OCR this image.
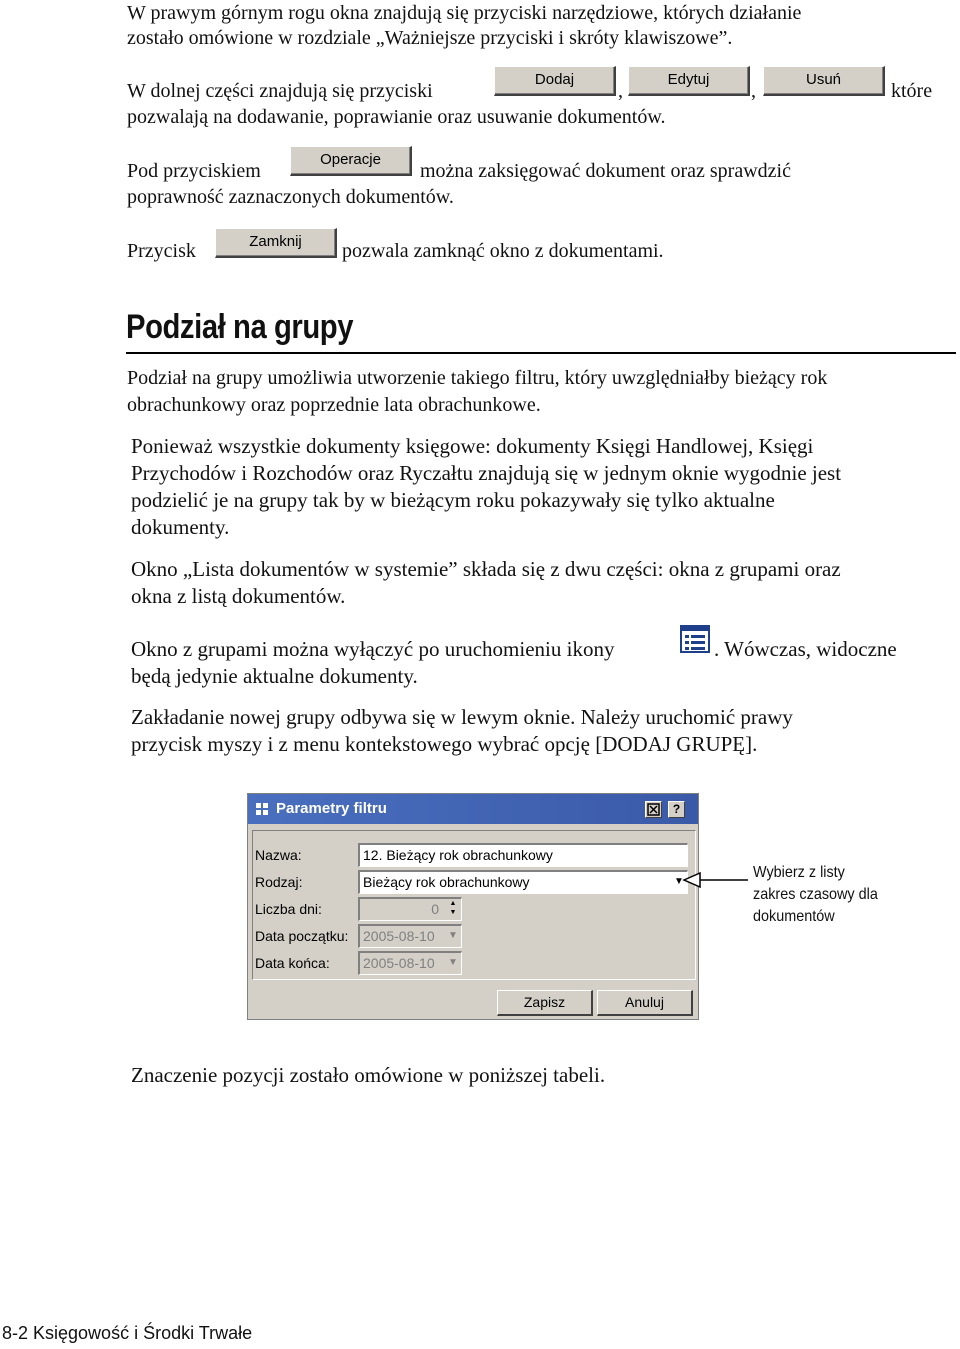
W prawym górnym rogu okna znajdują się przyciski narzędziowe, których działanie
zostało omówione w rozdziale „Ważniejsze przyciski i skróty klawiszowe”.
W dolnej części znajdują się przyciski
Dodaj
,
Edytuj
,
Usuń
które
pozwalają na dodawanie, poprawianie oraz usuwanie dokumentów.
Pod przyciskiem
Operacje
można zaksięgować dokument oraz sprawdzić
poprawność zaznaczonych dokumentów.
Przycisk	Zamknij	pozwala zamknąć okno z dokumentami.
Podział na grupy
Podział na grupy umożliwia utworzenie takiego filtru, który uwzględniałby bieżący rok
obrachunkowy oraz poprzednie lata obrachunkowe.
Ponieważ wszystkie dokumenty księgowe: dokumenty Księgi Handlowej, Księgi
Przychodów i Rozchodów oraz Ryczałtu znajdują się w jednym oknie wygodnie jest
podzielić je na grupy tak by w bieżącym roku pokazywały się tylko aktualne
dokumenty.
Okno „Lista dokumentów w systemie” składa się z dwu części: okna z grupami oraz
okna z listą dokumentów.
Okno z grupami można wyłączyć po uruchomieniu ikony	. Wówczas, widoczne
będą jedynie aktualne dokumenty.
Zakładanie nowej grupy odbywa się w lewym oknie. Należy uruchomić prawy
przycisk myszy i z menu kontekstowego wybrać opcję [DODAJ GRUPĘ].
Parametry filtru	?
Nazwa:	12. Bieżący rok obrachunkowy
Rodzaj:	Bieżący rok obrachunkowy	▼
Liczba dni:	0	▲
▼
Data początku:	2005-08-10	▼
Data końca:	2005-08-10	▼
Zapisz	Anuluj
Wybierz z listy
zakres czasowy dla
dokumentów
Znaczenie pozycji zostało omówione w poniższej tabeli.
8-2 Księgowość i Środki Trwałe
